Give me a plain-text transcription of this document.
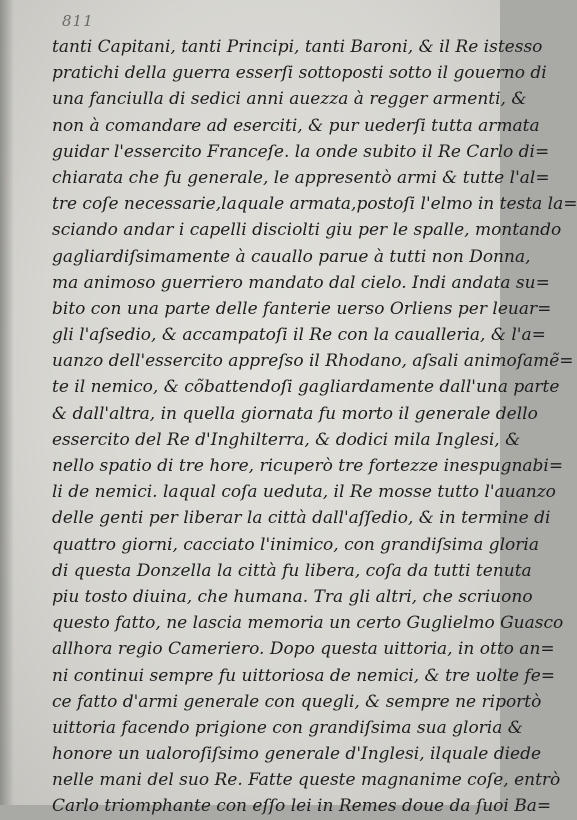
811
tanti Capitani, tanti Principi, tanti Baroni, & il Re istesso
pratichi della guerra esserſi sottoposti sotto il gouerno di
una fanciulla di sedici anni auezza à regger armenti, &
non à comandare ad eserciti, & pur uederſi tutta armata
guidar l'essercito Franceſe. la onde subito il Re Carlo di=
chiarata che fu generale, le appresentò armi & tutte l'al=
tre coſe necessarie,laquale armata,postoſi l'elmo in testa la=
sciando andar i capelli disciolti giu per le spalle, montando
gagliardiſsimamente à cauallo parue à tutti non Donna,
ma animoso guerriero mandato dal cielo. Indi andata su=
bito con una parte delle fanterie uerso Orliens per leuar=
gli l'aſsedio, & accampatoſi il Re con la caualleria, & l'a=
uanzo dell'essercito appreſso il Rhodano, aſsali animoſamẽ=
te il nemico, & cõbattendoſi gagliardamente dall'una parte
& dall'altra, in quella giornata fu morto il generale dello
essercito del Re d'Inghilterra, & dodici mila Inglesi, &
nello spatio di tre hore, ricuperò tre fortezze inespugnabi=
li de nemici. laqual coſa ueduta, il Re mosse tutto l'auanzo
delle genti per liberar la città dall'aſſedio, & in termine di
quattro giorni, cacciato l'inimico, con grandiſsima gloria
di questa Donzella la città fu libera, coſa da tutti tenuta
piu tosto diuina, che humana. Tra gli altri, che scriuono
questo fatto, ne lascia memoria un certo Guglielmo Guasco
allhora regio Cameriero. Dopo questa uittoria, in otto an=
ni continui sempre fu uittoriosa de nemici, & tre uolte fe=
ce fatto d'armi generale con quegli, & sempre ne riportò
uittoria facendo prigione con grandiſsima sua gloria &
honore un ualoroſiſsimo generale d'Inglesi, ilquale diede
nelle mani del suo Re. Fatte queste magnanime coſe, entrò
Carlo triomphante con eſſo lei in Remes doue da ſuoi Ba=
